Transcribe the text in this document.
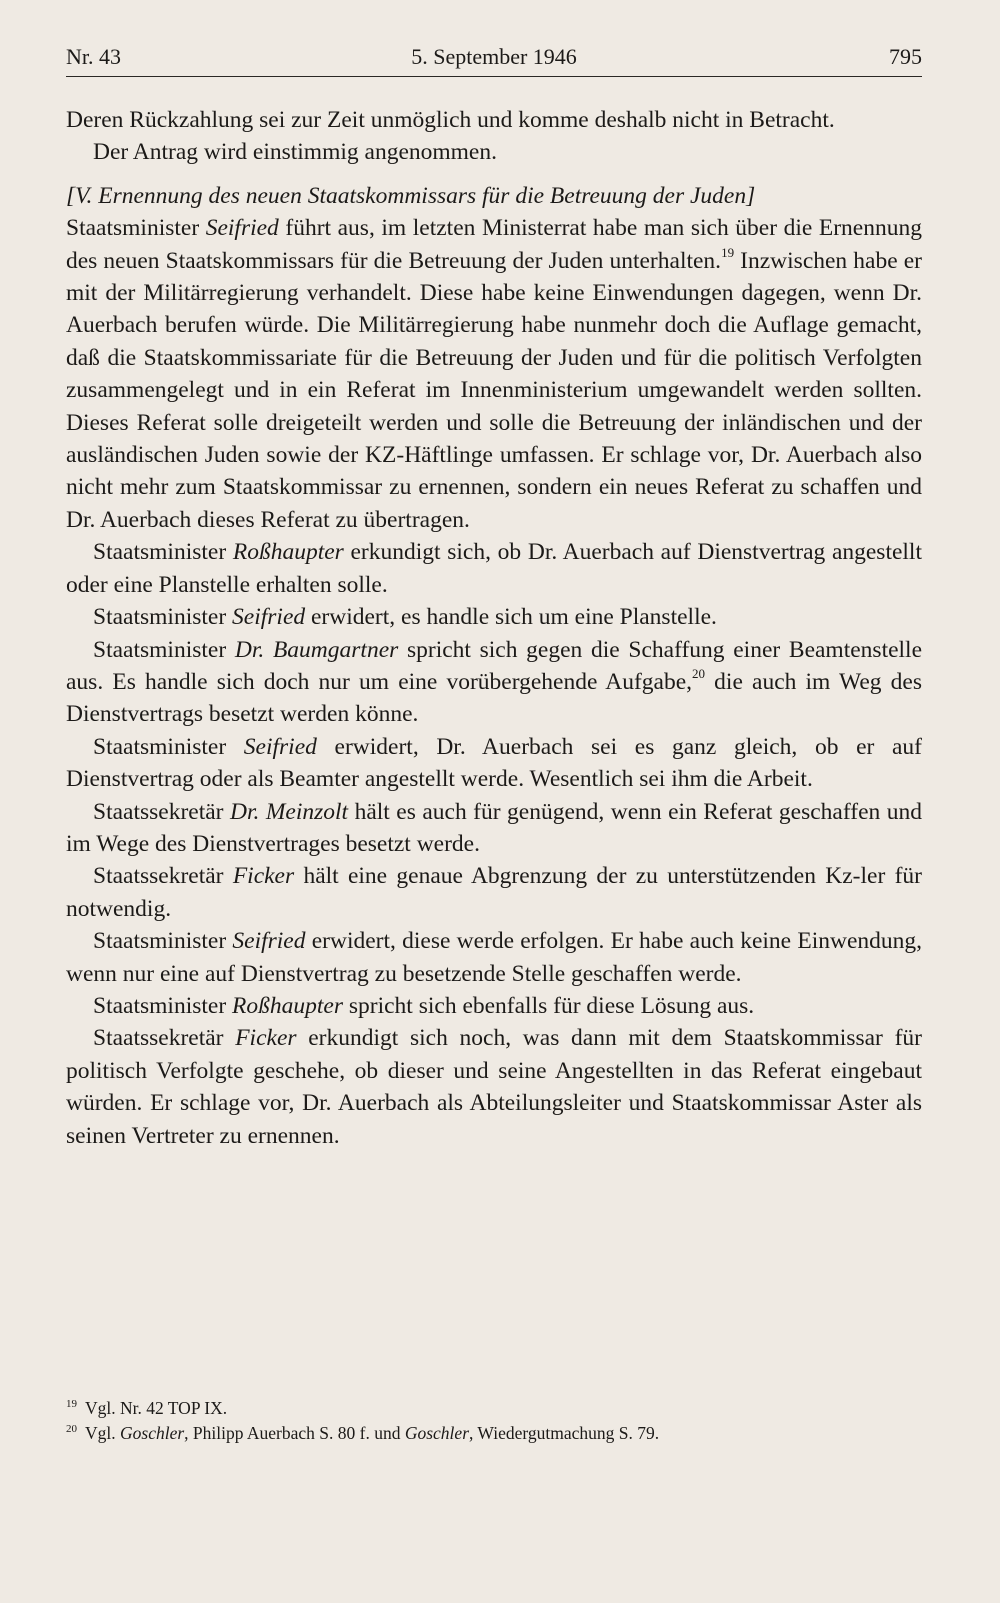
Nr. 43	5. September 1946	795

Deren Rückzahlung sei zur Zeit unmöglich und komme deshalb nicht in Betracht.

Der Antrag wird einstimmig angenommen.

[V. Ernennung des neuen Staatskommissars für die Betreuung der Juden]

Staatsminister Seifried führt aus, im letzten Ministerrat habe man sich über die Ernennung des neuen Staatskommissars für die Betreuung der Juden unterhalten.$^{19}$ Inzwischen habe er mit der Militärregierung verhandelt. Diese habe keine Einwendungen dagegen, wenn Dr. Auerbach berufen würde. Die Militärregierung habe nunmehr doch die Auflage gemacht, daß die Staatskommissariate für die Betreuung der Juden und für die politisch Verfolgten zusammengelegt und in ein Referat im Innenministerium umgewandelt werden sollten. Dieses Referat solle dreigeteilt werden und solle die Betreuung der inländischen und der ausländischen Juden sowie der KZ-Häftlinge umfassen. Er schlage vor, Dr. Auerbach also nicht mehr zum Staatskommissar zu ernennen, sondern ein neues Referat zu schaffen und Dr. Auerbach dieses Referat zu übertragen.

Staatsminister Roßhaupter erkundigt sich, ob Dr. Auerbach auf Dienstvertrag angestellt oder eine Planstelle erhalten solle.

Staatsminister Seifried erwidert, es handle sich um eine Planstelle.

Staatsminister Dr. Baumgartner spricht sich gegen die Schaffung einer Beamtenstelle aus. Es handle sich doch nur um eine vorübergehende Aufgabe,$^{20}$ die auch im Weg des Dienstvertrags besetzt werden könne.

Staatsminister Seifried erwidert, Dr. Auerbach sei es ganz gleich, ob er auf Dienstvertrag oder als Beamter angestellt werde. Wesentlich sei ihm die Arbeit.

Staatssekretär Dr. Meinzolt hält es auch für genügend, wenn ein Referat geschaffen und im Wege des Dienstvertrages besetzt werde.

Staatssekretär Ficker hält eine genaue Abgrenzung der zu unterstützenden Kz-ler für notwendig.

Staatsminister Seifried erwidert, diese werde erfolgen. Er habe auch keine Einwendung, wenn nur eine auf Dienstvertrag zu besetzende Stelle geschaffen werde.

Staatsminister Roßhaupter spricht sich ebenfalls für diese Lösung aus.

Staatssekretär Ficker erkundigt sich noch, was dann mit dem Staatskommissar für politisch Verfolgte geschehe, ob dieser und seine Angestellten in das Referat eingebaut würden. Er schlage vor, Dr. Auerbach als Abteilungsleiter und Staatskommissar Aster als seinen Vertreter zu ernennen.

$^{19}$ Vgl. Nr. 42 TOP IX.

$^{20}$ Vgl. Goschler, Philipp Auerbach S. 80 f. und Goschler, Wiedergutmachung S. 79.
